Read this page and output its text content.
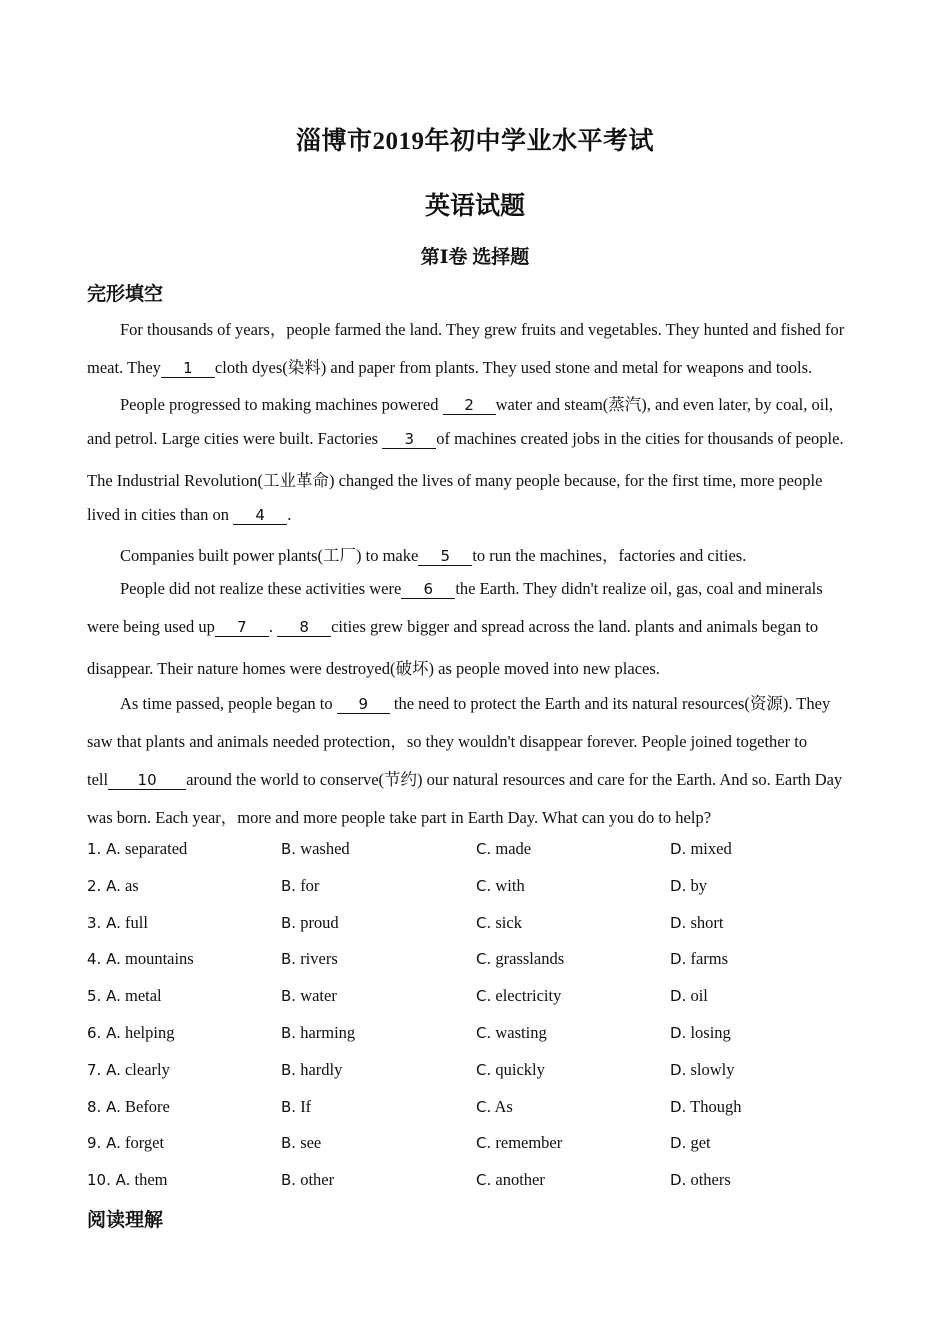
淄博市2019年初中学业水平考试
英语试题
第Ⅰ卷 选择题
完形填空
For thousands of years，people farmed the land. They grew fruits and vegetables. They hunted and fished for
meat. They 1 cloth dyes(染料) and paper from plants. They used stone and metal for weapons and tools.
People progressed to making machines powered 2 water and steam(蒸汽), and even later, by coal, oil,
and petrol. Large cities were built. Factories 3 of machines created jobs in the cities for thousands of people.
The Industrial Revolution(工业革命) changed the lives of many people because, for the first time, more people
lived in cities than on 4 .
Companies built power plants(工厂) to make 5 to run the machines，factories and cities.
People did not realize these activities were 6 the Earth. They didn't realize oil, gas, coal and minerals
were being used up 7 . 8 cities grew bigger and spread across the land. plants and animals began to
disappear. Their nature homes were destroyed(破坏) as people moved into new places.
As time passed, people began to 9 the need to protect the Earth and its natural resources(资源). They
saw that plants and animals needed protection，so they wouldn't disappear forever. People joined together to
tell 10 around the world to conserve(节约) our natural resources and care for the Earth. And so. Earth Day
was born. Each year，more and more people take part in Earth Day. What can you do to help?
1. A. separated	B. washed	C. made	D. mixed
2. A. as	B. for	C. with	D. by
3. A. full	B. proud	C. sick	D. short
4. A. mountains	B. rivers	C. grasslands	D. farms
5. A. metal	B. water	C. electricity	D. oil
6. A. helping	B. harming	C. wasting	D. losing
7. A. clearly	B. hardly	C. quickly	D. slowly
8. A. Before	B. If	C. As	D. Though
9. A. forget	B. see	C. remember	D. get
10. A. them	B. other	C. another	D. others
阅读理解
